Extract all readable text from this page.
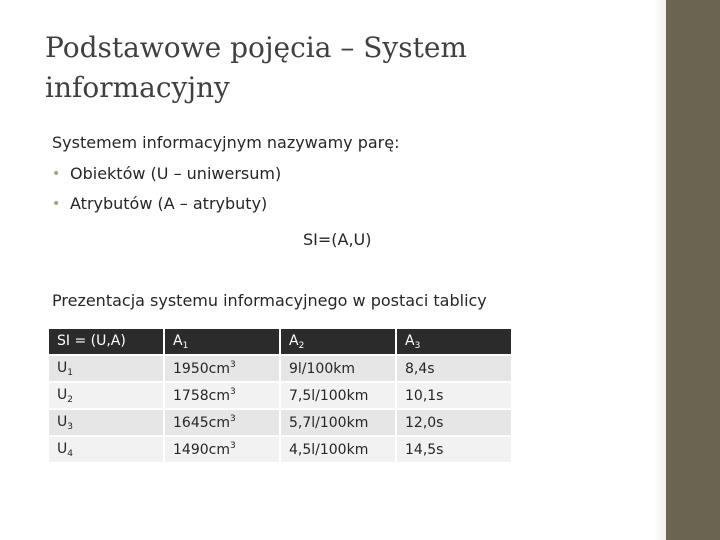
Podstawowe pojęcia – System informacyjny
Systemem informacyjnym nazywamy parę:
• Obiektów (U – uniwersum)
• Atrybutów (A – atrybuty)
SI=(A,U)
Prezentacja systemu informacyjnego w postaci tablicy
SI = (U,A)	$A_1$	$A_2$	$A_3$
$U_1$	$1950cm^3$	9l/100km	8,4s
$U_2$	$1758cm^3$	7,5l/100km	10,1s
$U_3$	$1645cm^3$	5,7l/100km	12,0s
$U_4$	$1490cm^3$	4,5l/100km	14,5s
